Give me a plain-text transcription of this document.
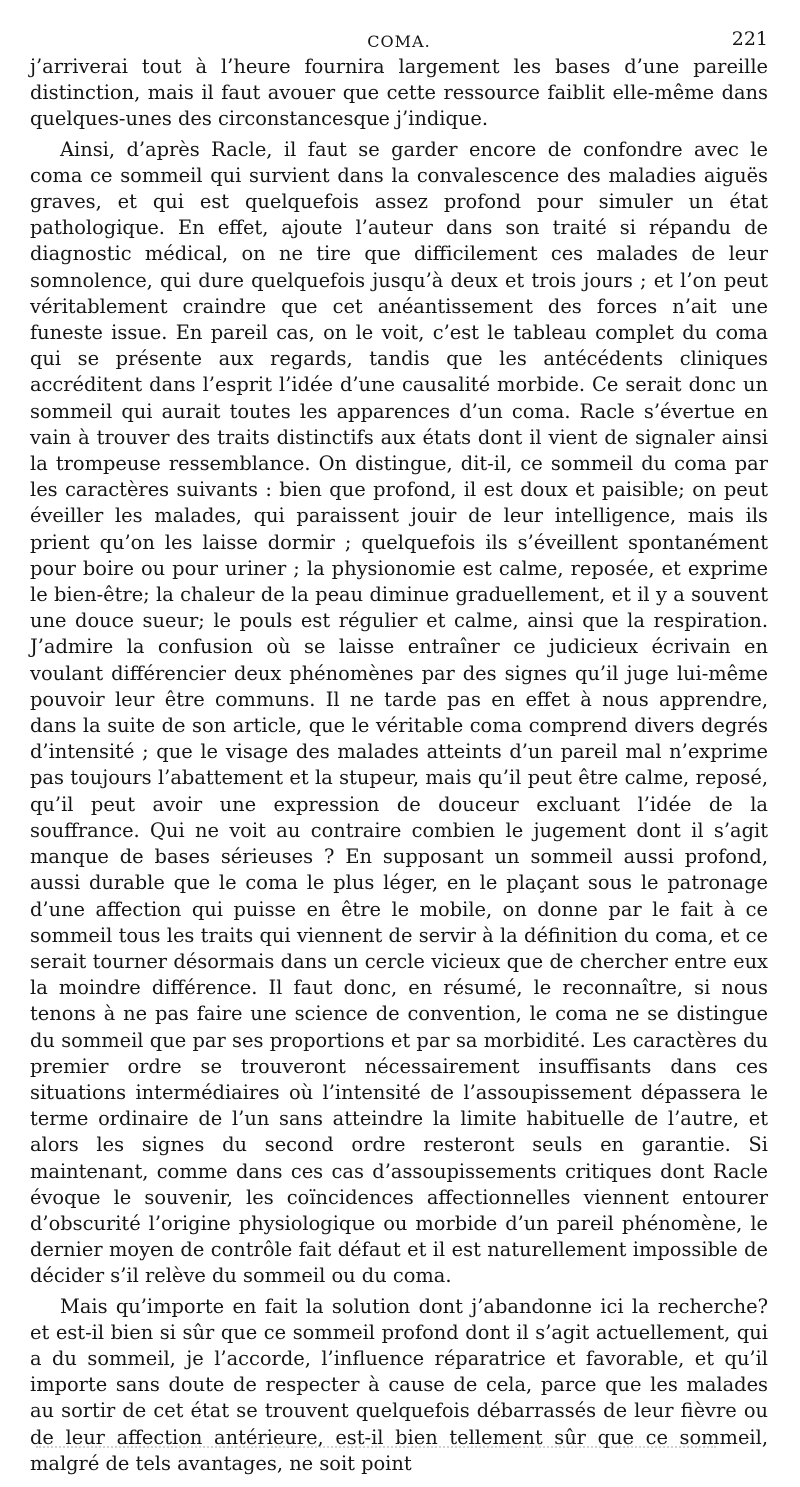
COMA.	221

j’arriverai tout à l’heure fournira largement les bases d’une pareille distinction, mais il faut avouer que cette ressource faiblit elle-même dans quelques-unes des circonstancesque j’indique.

Ainsi, d’après Racle, il faut se garder encore de confondre avec le coma ce sommeil qui survient dans la convalescence des maladies aiguës graves, et qui est quelquefois assez profond pour simuler un état pathologique. En effet, ajoute l’auteur dans son traité si répandu de diagnostic médical, on ne tire que difficilement ces malades de leur somnolence, qui dure quelquefois jusqu’à deux et trois jours ; et l’on peut véritablement craindre que cet anéantissement des forces n’ait une funeste issue. En pareil cas, on le voit, c’est le tableau complet du coma qui se présente aux regards, tandis que les antécédents cliniques accréditent dans l’esprit l’idée d’une causalité morbide. Ce serait donc un sommeil qui aurait toutes les apparences d’un coma. Racle s’évertue en vain à trouver des traits distinctifs aux états dont il vient de signaler ainsi la trompeuse ressemblance. On distingue, dit-il, ce sommeil du coma par les caractères suivants : bien que profond, il est doux et paisible; on peut éveiller les malades, qui paraissent jouir de leur intelligence, mais ils prient qu’on les laisse dormir ; quelquefois ils s’éveillent spontanément pour boire ou pour uriner ; la physionomie est calme, reposée, et exprime le bien-être; la chaleur de la peau diminue graduellement, et il y a souvent une douce sueur; le pouls est régulier et calme, ainsi que la respiration. J’admire la confusion où se laisse entraîner ce judicieux écrivain en voulant différencier deux phénomènes par des signes qu’il juge lui-même pouvoir leur être communs. Il ne tarde pas en effet à nous apprendre, dans la suite de son article, que le véritable coma comprend divers degrés d’intensité ; que le visage des malades atteints d’un pareil mal n’exprime pas toujours l’abattement et la stupeur, mais qu’il peut être calme, reposé, qu’il peut avoir une expression de douceur excluant l’idée de la souffrance. Qui ne voit au contraire combien le jugement dont il s’agit manque de bases sérieuses ? En supposant un sommeil aussi profond, aussi durable que le coma le plus léger, en le plaçant sous le patronage d’une affection qui puisse en être le mobile, on donne par le fait à ce sommeil tous les traits qui viennent de servir à la définition du coma, et ce serait tourner désormais dans un cercle vicieux que de chercher entre eux la moindre différence. Il faut donc, en résumé, le reconnaître, si nous tenons à ne pas faire une science de convention, le coma ne se distingue du sommeil que par ses proportions et par sa morbidité. Les caractères du premier ordre se trouveront nécessairement insuffisants dans ces situations intermédiaires où l’intensité de l’assoupissement dépassera le terme ordinaire de l’un sans atteindre la limite habituelle de l’autre, et alors les signes du second ordre resteront seuls en garantie. Si maintenant, comme dans ces cas d’assoupissements critiques dont Racle évoque le souvenir, les coïncidences affectionnelles viennent entourer d’obscurité l’origine physiologique ou morbide d’un pareil phénomène, le dernier moyen de contrôle fait défaut et il est naturellement impossible de décider s’il relève du sommeil ou du coma.

Mais qu’importe en fait la solution dont j’abandonne ici la recherche? et est-il bien si sûr que ce sommeil profond dont il s’agit actuellement, qui a du sommeil, je l’accorde, l’influence réparatrice et favorable, et qu’il importe sans doute de respecter à cause de cela, parce que les malades au sortir de cet état se trouvent quelquefois débarrassés de leur fièvre ou de leur affection antérieure, est-il bien tellement sûr que ce sommeil, malgré de tels avantages, ne soit point
